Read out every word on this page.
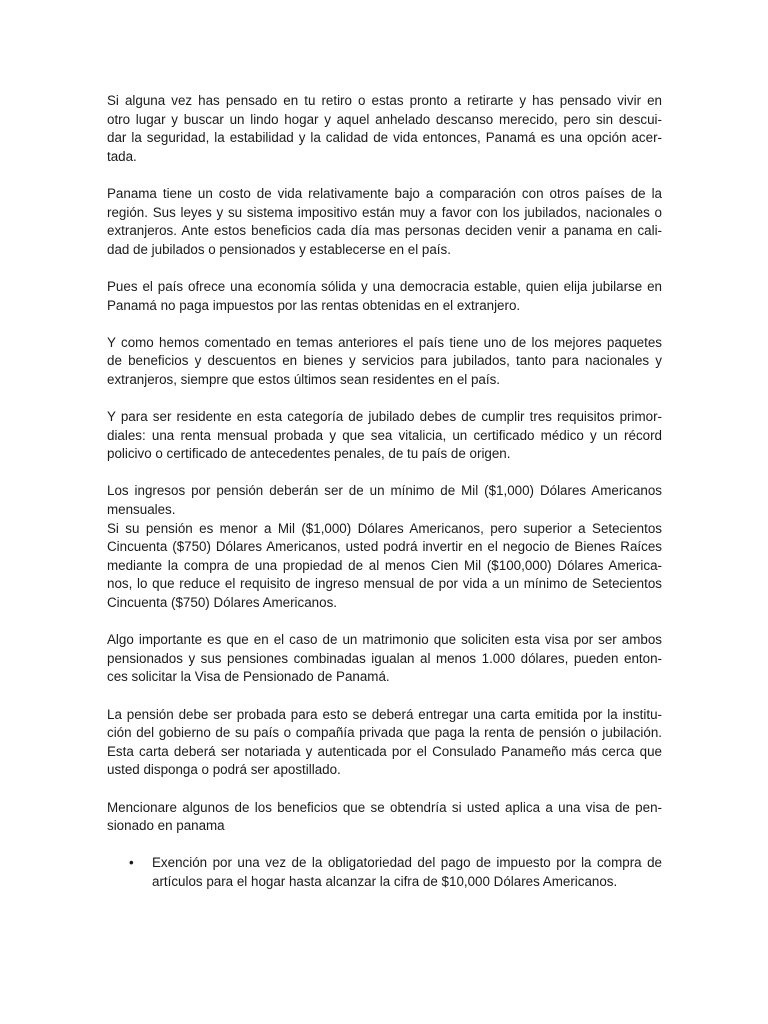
Si alguna vez has pensado en tu retiro o estas pronto a retirarte y has pensado vivir en
otro lugar y buscar un lindo hogar y aquel anhelado descanso merecido, pero sin descui-
dar la seguridad, la estabilidad y la calidad de vida entonces, Panamá es una opción acer-
tada.

Panama tiene un costo de vida relativamente bajo a comparación con otros países de la
región. Sus leyes y su sistema impositivo están muy a favor con los jubilados, nacionales o
extranjeros. Ante estos beneficios cada día mas personas deciden venir a panama en cali-
dad de jubilados o pensionados y establecerse en el país.

Pues el país ofrece una economía sólida y una democracia estable, quien elija jubilarse en
Panamá no paga impuestos por las rentas obtenidas en el extranjero.

Y como hemos comentado en temas anteriores el país tiene uno de los mejores paquetes
de beneficios y descuentos en bienes y servicios para jubilados, tanto para nacionales y
extranjeros, siempre que estos últimos sean residentes en el país.

Y para ser residente en esta categoría de jubilado debes de cumplir tres requisitos primor-
diales: una renta mensual probada y que sea vitalicia, un certificado médico y un récord
policivo o certificado de antecedentes penales, de tu país de origen.

Los ingresos por pensión deberán ser de un mínimo de Mil ($1,000) Dólares Americanos
mensuales.
Si su pensión es menor a Mil ($1,000) Dólares Americanos, pero superior a Setecientos
Cincuenta ($750) Dólares Americanos, usted podrá invertir en el negocio de Bienes Raíces
mediante la compra de una propiedad de al menos Cien Mil ($100,000) Dólares America-
nos, lo que reduce el requisito de ingreso mensual de por vida a un mínimo de Setecientos
Cincuenta ($750) Dólares Americanos.

Algo importante es que en el caso de un matrimonio que soliciten esta visa por ser ambos
pensionados y sus pensiones combinadas igualan al menos 1.000 dólares, pueden enton-
ces solicitar la Visa de Pensionado de Panamá.

La pensión debe ser probada para esto se deberá entregar una carta emitida por la institu-
ción del gobierno de su país o compañía privada que paga la renta de pensión o jubilación.
Esta carta deberá ser notariada y autenticada por el Consulado Panameño más cerca que
usted disponga o podrá ser apostillado.

Mencionare algunos de los beneficios que se obtendría si usted aplica a una visa de pen-
sionado en panama

• Exención por una vez de la obligatoriedad del pago de impuesto por la compra de
artículos para el hogar hasta alcanzar la cifra de $10,000 Dólares Americanos.
